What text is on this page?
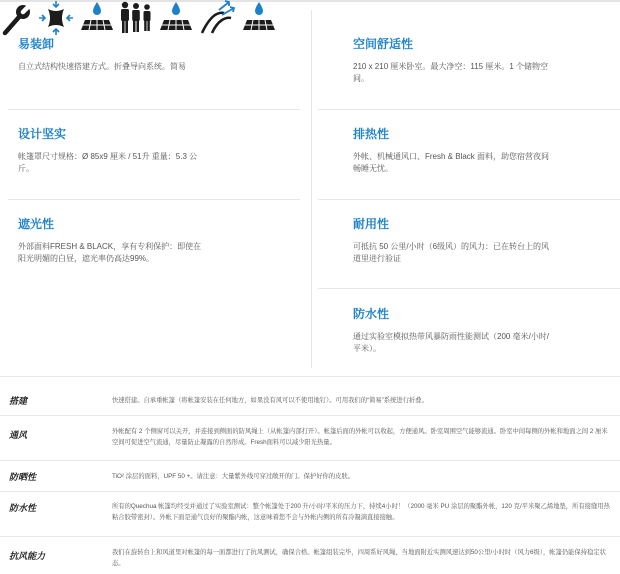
易装卸
自立式结构快速搭建方式。折叠导向系统。简易

设计坚实
帐篷罩尺寸规格：Ø 85x9 厘米 / 51升 重量：5.3 公斤。

遮光性
外部面料FRESH & BLACK，享有专利保护：即使在阳光明媚的白昼，遮光率仍高达99%。

空间舒适性
210 x 210 厘米卧室。最大净空：115 厘米。1 个储物空间。

排热性
外帐、机械通风口、Fresh & Black 面料，助您宿营夜间畅睡无忧。

耐用性
可抵抗 50 公里/小时（6级风）的风力：已在转台上的风道里进行验证

防水性
通过实验室模拟热带风暴防雨性能测试（200 毫米/小时/平米）。
搭建	快速搭建。自承重帐篷（将帐篷安装在任何地方，如果没有风可以不使用地钉）。可用我们的“简易”系统进行折叠。
通风	外帐配有 2 个侧窗可以关开，并连接到侧面的防风绳上（从帐篷内部打开）。帐篷后面的外帐可以收起，方便通风。卧室周围空气能够流通。卧室中间每侧的外帐和地面之间 2 厘米空间可促进空气流通，尽量防止凝露的自然形成。Fresh面料可以减少阳光热量。
防晒性	TiO² 涂层的面料，UPF 50 +。请注意：大量紫外线可穿过敞开的门。保护好你的皮肤。
防水性	所有的Quechua 帐篷均经受并通过了实验室测试：整个帐篷处于200 升/小时/平米的压力下，持续4小时！（2000 毫米 PU 涂层的聚酯外帐，120 克/平米聚乙烯地垫，所有接缝用热粘合胶带密封）。外帐下面是通气良好的聚酯内帐，这意味着您不会与外帐内侧的所有冷凝滴直接接触。
抗风能力	我们在旋转台上和风道里对帐篷的每一面都进行了抗风测试，确保合格。帐篷组装完毕，四周系好风绳，当地面附近实测风速达到50公里/小时时（风力6级），帐篷仍能保持稳定状态。
